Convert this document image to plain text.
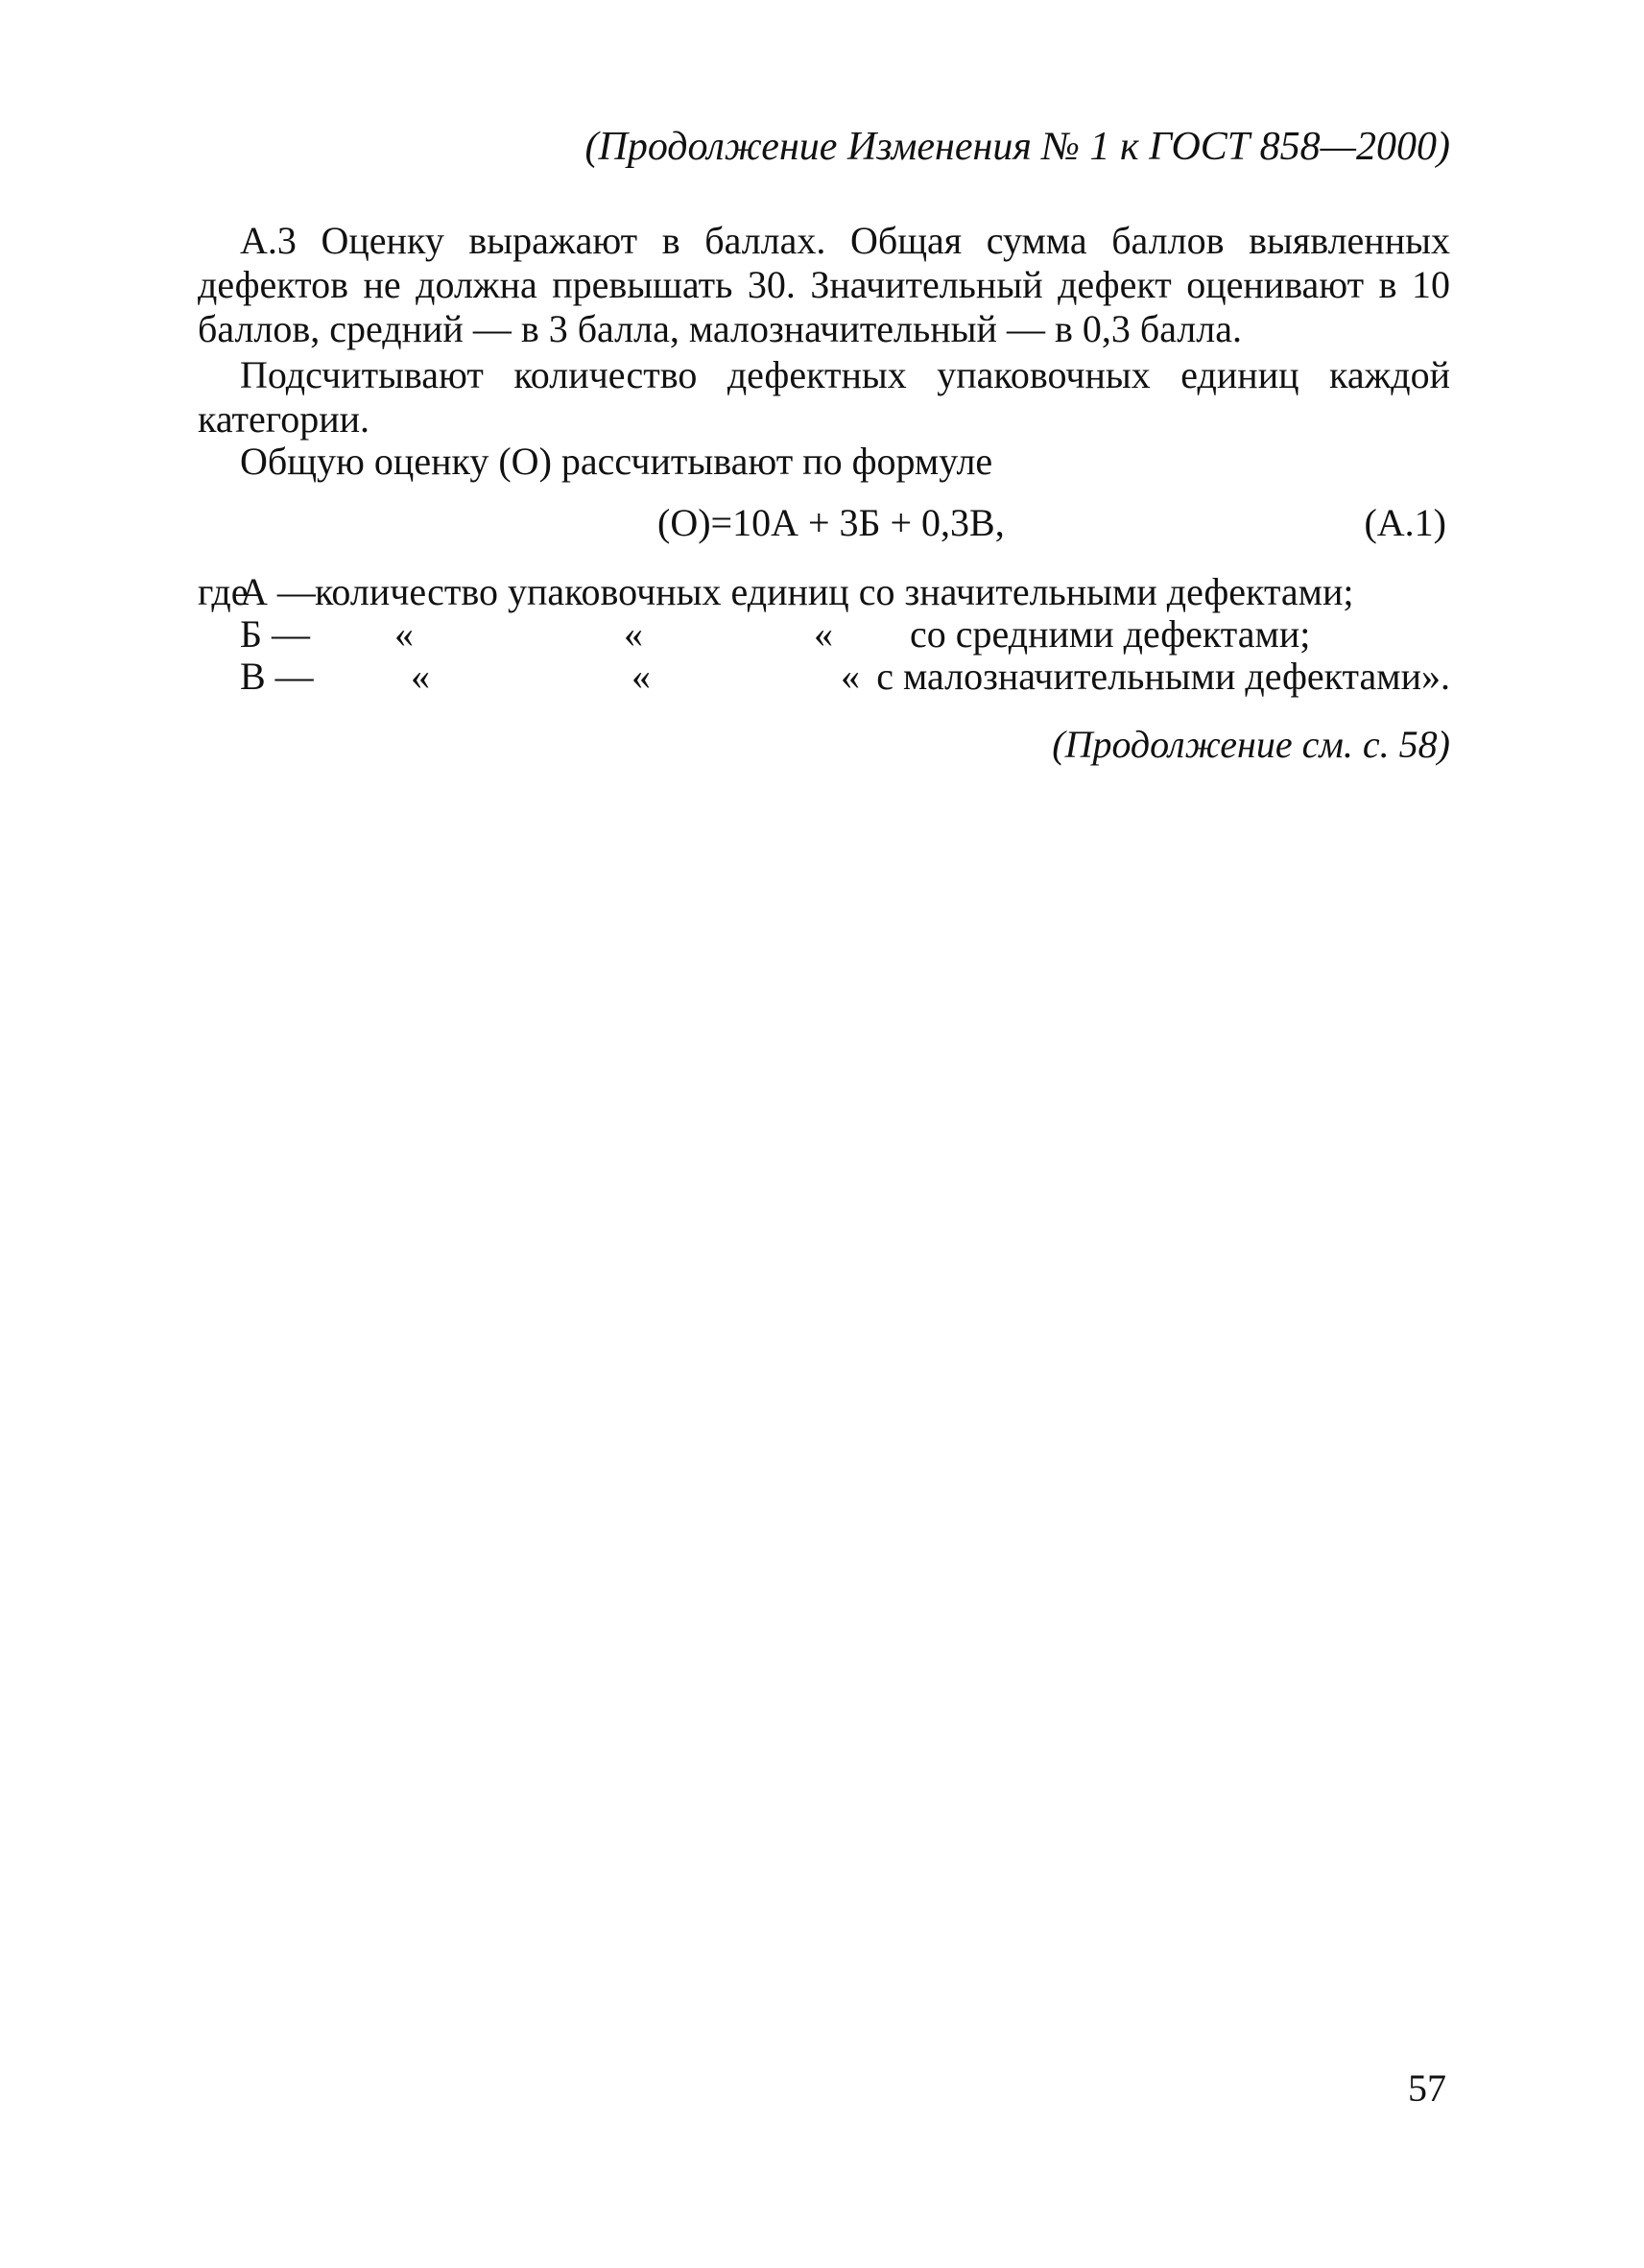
(Продолжение Изменения № 1 к ГОСТ 858—2000)

А.3 Оценку выражают в баллах. Общая сумма баллов выявленных дефектов не должна превышать 30. Значительный дефект оценивают в 10 баллов, средний — в 3 балла, малозначительный — в 0,3 балла.

Подсчитывают количество дефектных упаковочных единиц каждой категории.

Общую оценку (О) рассчитывают по формуле

(О)=10А + 3Б + 0,3В,	(А.1)
где
А — количество упаковочных единиц со значительными дефектами;
Б — «	«	« со средними дефектами;
В —	«	«	« с малозначительными дефектами».
(Продолжение см. с. 58)
57
